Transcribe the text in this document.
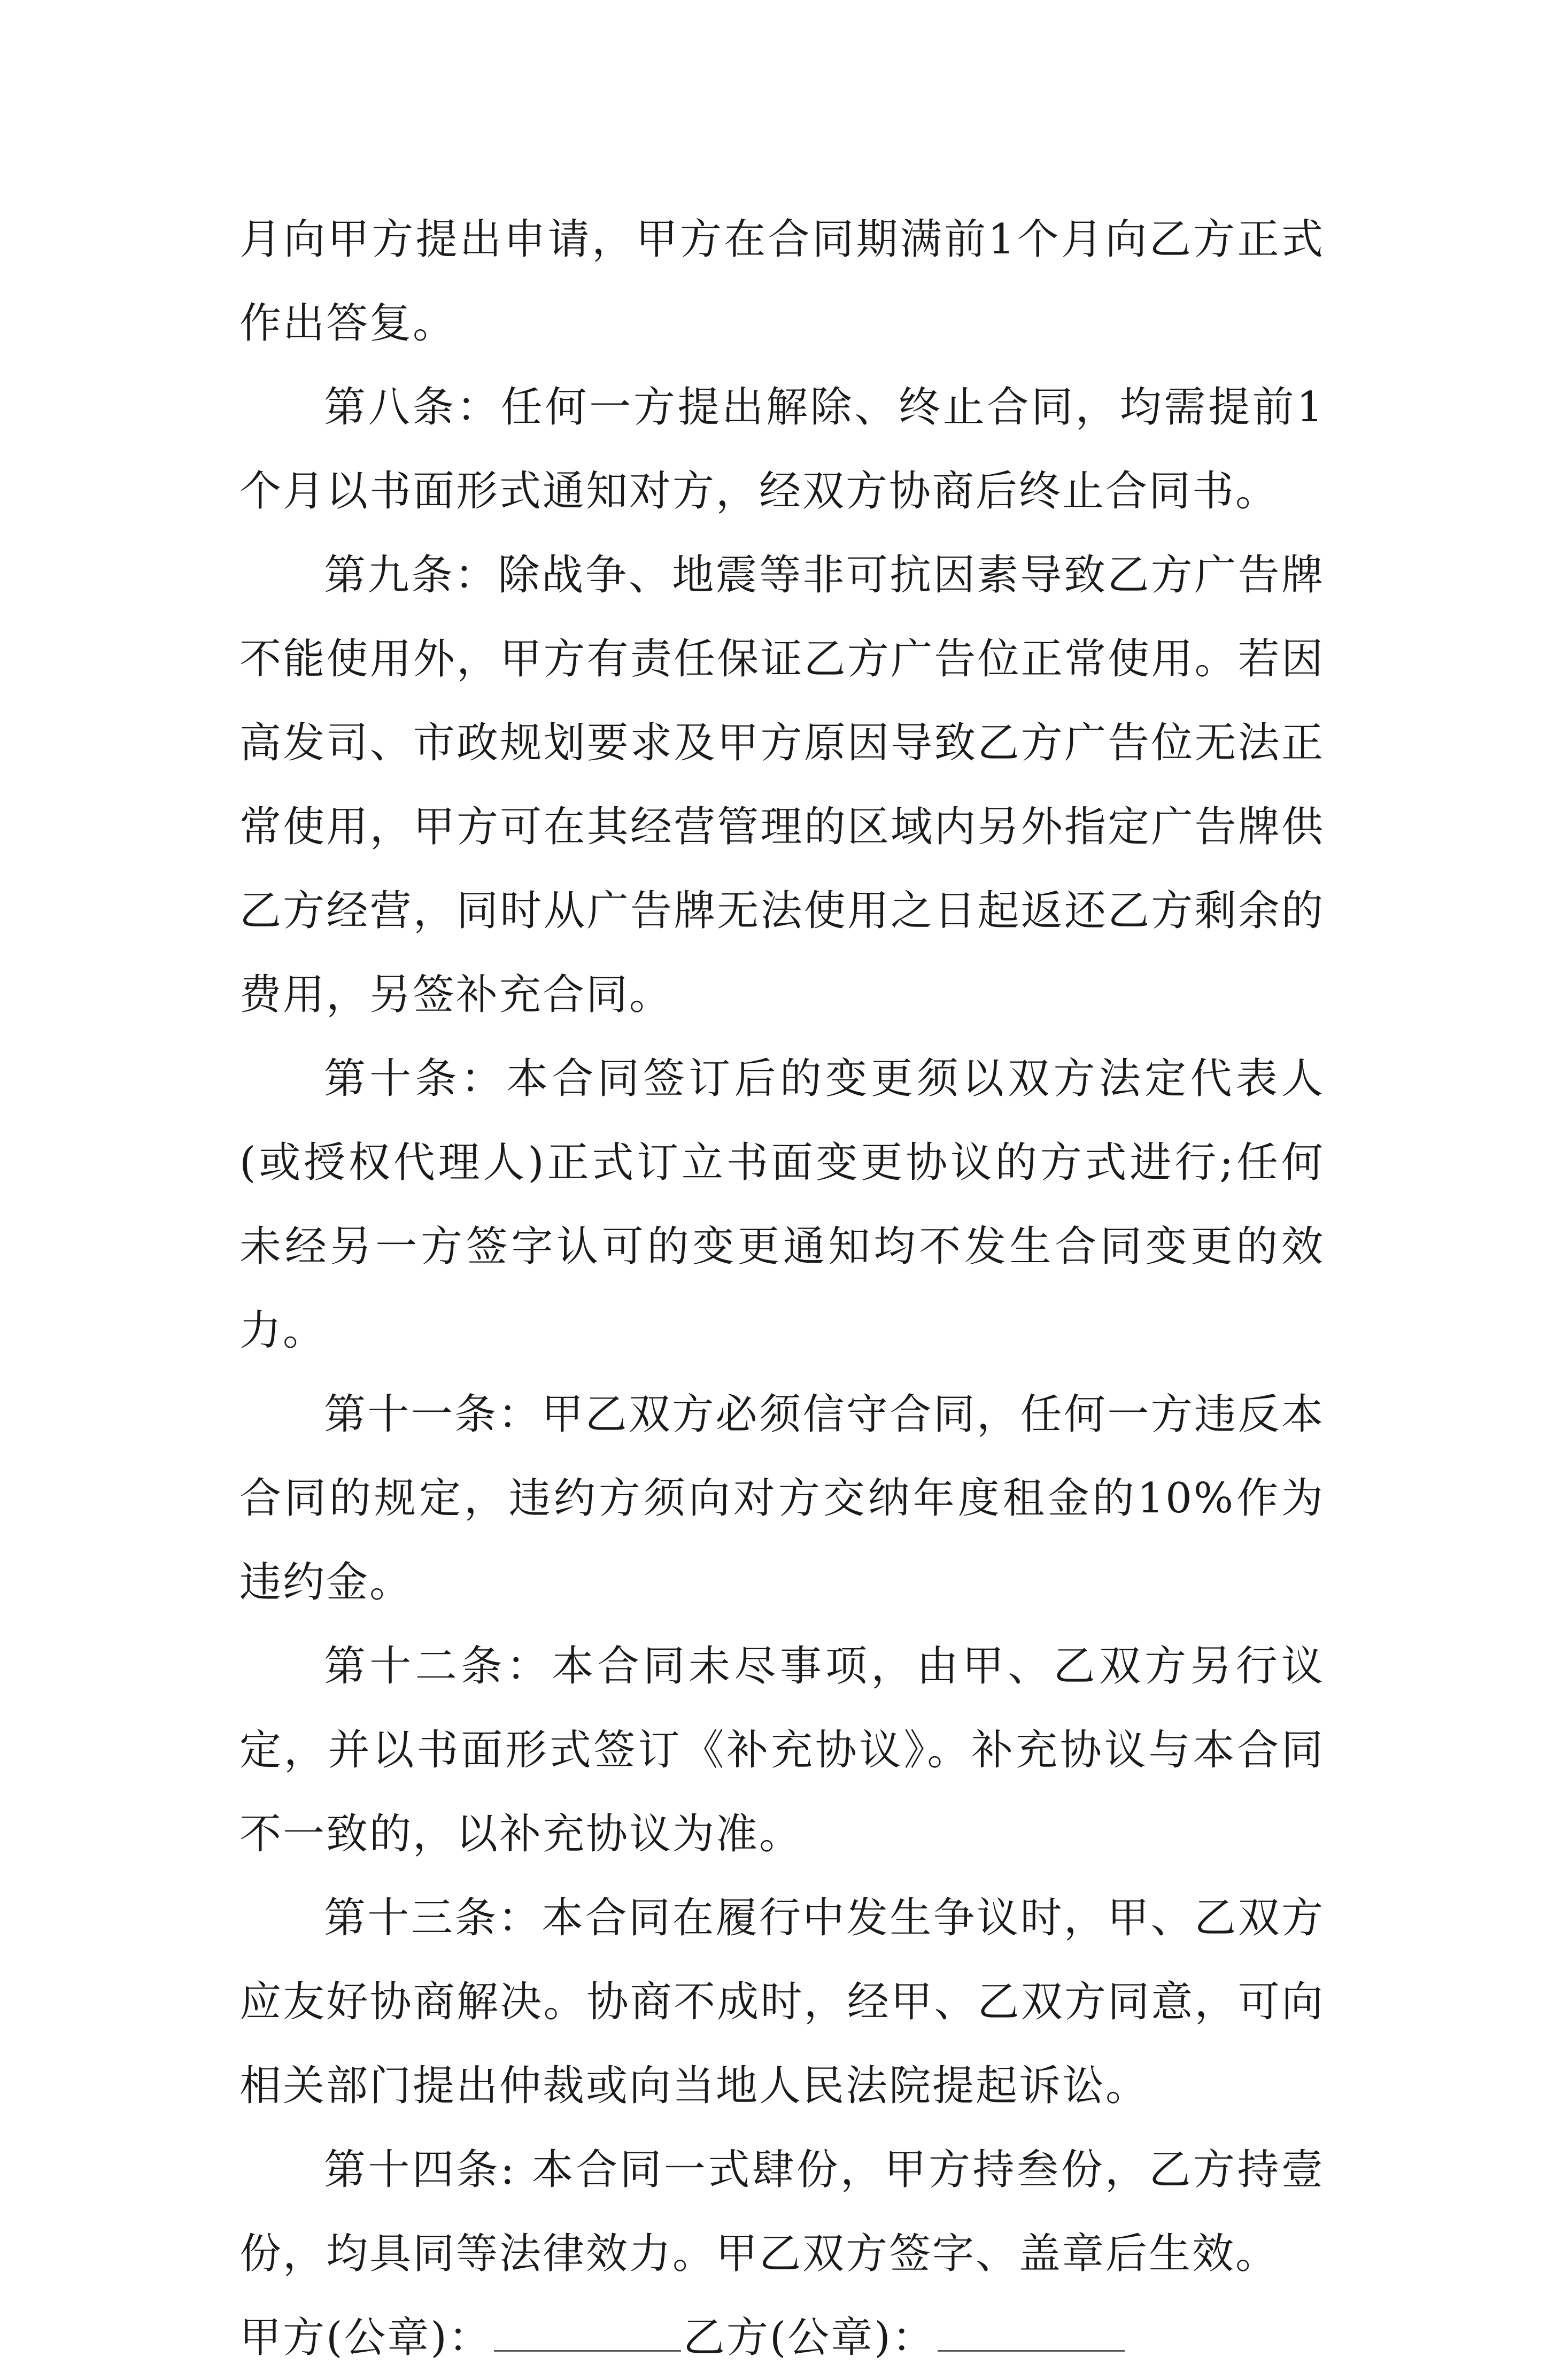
月向甲方提出申请，甲方在合同期满前1个月向乙方正式作出答复。

第八条：任何一方提出解除、终止合同，均需提前1个月以书面形式通知对方，经双方协商后终止合同书。

第九条：除战争、地震等非可抗因素导致乙方广告牌不能使用外，甲方有责任保证乙方广告位正常使用。若因高发司、市政规划要求及甲方原因导致乙方广告位无法正常使用，甲方可在其经营管理的区域内另外指定广告牌供乙方经营，同时从广告牌无法使用之日起返还乙方剩余的费用，另签补充合同。

第十条：本合同签订后的变更须以双方法定代表人(或授权代理人)正式订立书面变更协议的方式进行;任何未经另一方签字认可的变更通知均不发生合同变更的效力。

第十一条：甲乙双方必须信守合同，任何一方违反本合同的规定，违约方须向对方交纳年度租金的10%作为违约金。

第十二条：本合同未尽事项，由甲、乙双方另行议定，并以书面形式签订《补充协议》。补充协议与本合同不一致的，以补充协议为准。

第十三条：本合同在履行中发生争议时，甲、乙双方应友好协商解决。协商不成时，经甲、乙双方同意，可向相关部门提出仲裁或向当地人民法院提起诉讼。

第十四条: 本合同一式肆份，甲方持叁份，乙方持壹份，均具同等法律效力。甲乙双方签字、盖章后生效。

甲方(公章)：	乙方(公章)：
